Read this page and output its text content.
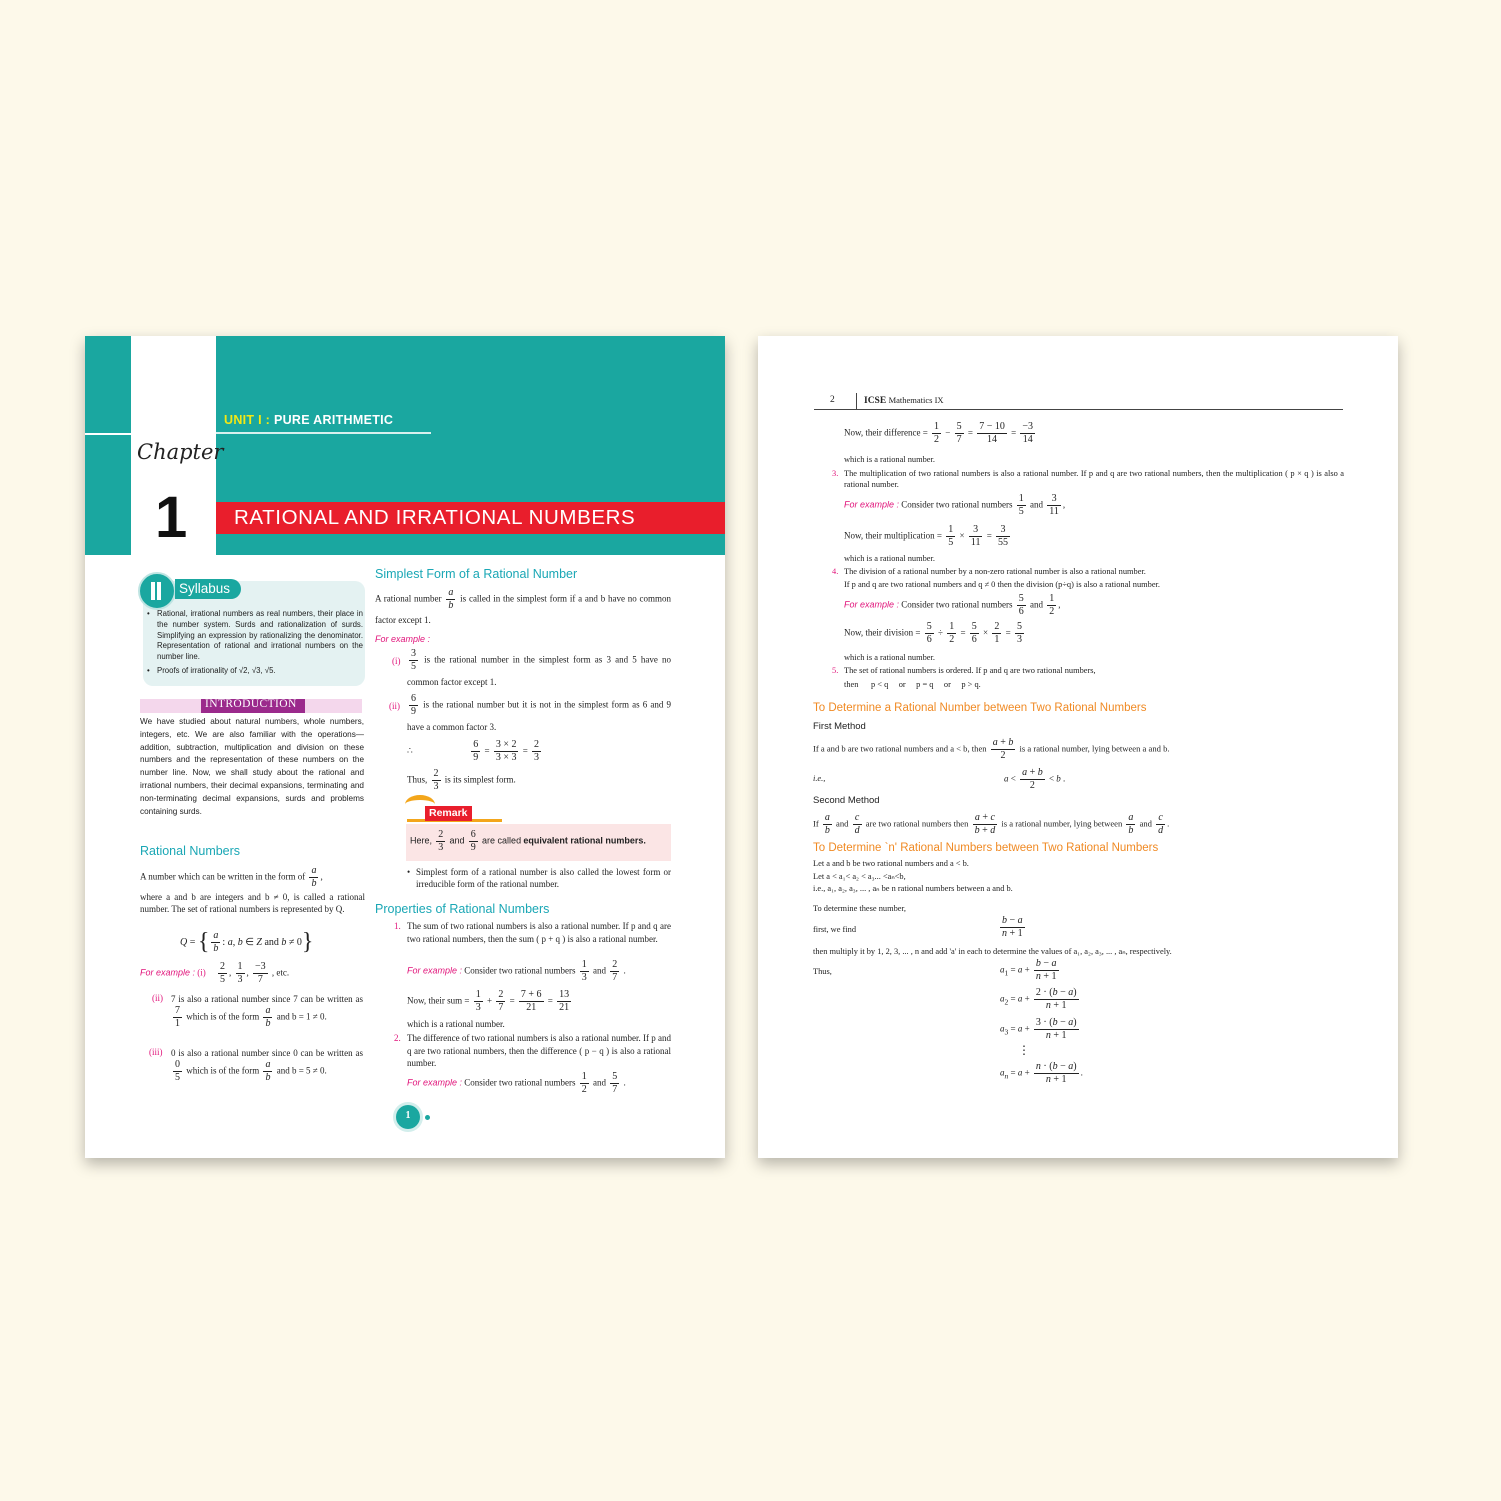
UNIT I : PURE ARITHMETIC
Chapter
1 RATIONAL AND IRRATIONAL NUMBERS
Syllabus
• Rational, irrational numbers as real numbers, their place in the number system. Surds and rationalization of surds. Simplifying an expression by rationalizing the denominator. Representation of rational and irrational numbers on the number line.
• Proofs of irrationality of √2, √3, √5.
INTRODUCTION
We have studied about natural numbers, whole numbers, integers, etc. We are also familiar with the operations—addition, subtraction, multiplication and division on these numbers and the representation of these numbers on the number line. Now, we shall study about the rational and irrational numbers, their decimal expansions, terminating and non-terminating decimal expansions, surds and problems containing surds.
Rational Numbers
A number which can be written in the form of $\frac{a}{b}$ ,
where a and b are integers and b ≠ 0, is called a rational number. The set of rational numbers is represented by Q.
Q = { $\frac{a}{b}$ : a, b ∈ Z and b ≠ 0}
For example : $(i) \frac{2}{5}$ , $\frac{1}{3}$ , $\frac{-3}{7}$ , etc.
(ii) 7 is also a rational number since 7 can be written as
$\frac{7}{1}$ which is of the form $\frac{a}{b}$ and b = 1 ≠ 0.
(iii) 0 is also a rational number since 0 can be written as
$\frac{0}{5}$ which is of the form $\frac{a}{b}$ and b = 5 ≠ 0.
Simplest Form of a Rational Number
A rational number $\frac{a}{b}$ is called in the simplest form if a and b have no common factor except 1.
For example :
$(i) \frac{3}{5}$ is the rational number in the simplest form as 3 and 5 have no common factor except 1.
$(ii) \frac{6}{9}$ is the rational number but it is not in the simplest form as 6 and 9 have a common factor 3.
∴	$\frac{6}{9} = \frac{3 \times 2}{3 \times 3} = \frac{2}{3}$
Thus, $\frac{2}{3}$ is its simplest form.
Remark
Here, $\frac{2}{3}$ and $\frac{6}{9}$ are called equivalent rational numbers.
• Simplest form of a rational number is also called the lowest form or irreducible form of the rational number.
Properties of Rational Numbers
1. The sum of two rational numbers is also a rational number. If p and q are two rational numbers, then the sum ( p + q ) is also a rational number.
For example : Consider two rational numbers $\frac{1}{3}$ and $\frac{2}{7}$ .
Now, their sum = $\frac{1}{3} + \frac{2}{7} = \frac{7 + 6}{21} = \frac{13}{21}$
which is a rational number.
2. The difference of two rational numbers is also a rational number. If p and q are two rational numbers, then the difference ( p − q ) is also a rational number.
For example : Consider two rational numbers $\frac{1}{2}$ and $\frac{5}{7}$ .
1
2	ICSE Mathematics IX
Now, their difference = $\frac{1}{2} - \frac{5}{7} = \frac{7 - 10}{14} = \frac{-3}{14}$
which is a rational number.
3. The multiplication of two rational numbers is also a rational number. If p and q are two rational numbers, then the multiplication ( p × q ) is also a rational number.
For example : Consider two rational numbers $\frac{1}{5}$ and $\frac{3}{11}$ ,
Now, their multiplication = $\frac{1}{5} \times \frac{3}{11} = \frac{3}{55}$
which is a rational number.
4. The division of a rational number by a non-zero rational number is also a rational number.
If p and q are two rational numbers and q ≠ 0 then the division (p÷q) is also a rational number.
For example : Consider two rational numbers $\frac{5}{6}$ and $\frac{1}{2}$ ,
Now, their division = $\frac{5}{6} \div \frac{1}{2} = \frac{5}{6} \times \frac{2}{1} = \frac{5}{3}$
which is a rational number.
5. The set of rational numbers is ordered. If p and q are two rational numbers,
then      p < q     or     p = q     or     p > q.
To Determine a Rational Number between Two Rational Numbers
First Method
If a and b are two rational numbers and a < b, then $\frac{a + b}{2}$ is a rational number, lying between a and b.
i.e.,	$a < \frac{a + b}{2} < b$ .
Second Method
If $\frac{a}{b}$ and $\frac{c}{d}$ are two rational numbers then $\frac{a + c}{b + d}$ is a rational number, lying between $\frac{a}{b}$ and $\frac{c}{d}$ .
To Determine `n' Rational Numbers between Two Rational Numbers
Let a and b be two rational numbers and a < b.
Let a < a₁< a₂ < a₃... <aₙ<b,
i.e., a₁, a₂, a₃, ... , aₙ be n rational numbers between a and b.
To determine these number,
first, we find	$\frac{b - a}{n + 1}$
then multiply it by 1, 2, 3, ... , n and add 'a' in each to determine the values of a₁, a₂, a₃, ... , aₙ, respectively.
Thus,	$a_1 = a + \frac{b - a}{n + 1}$
$a_2 = a + \frac{2 \cdot (b - a)}{n + 1}$
$a_3 = a + \frac{3 \cdot (b - a)}{n + 1}$
⋮
$a_n = a + \frac{n \cdot (b - a)}{n + 1}$ .
